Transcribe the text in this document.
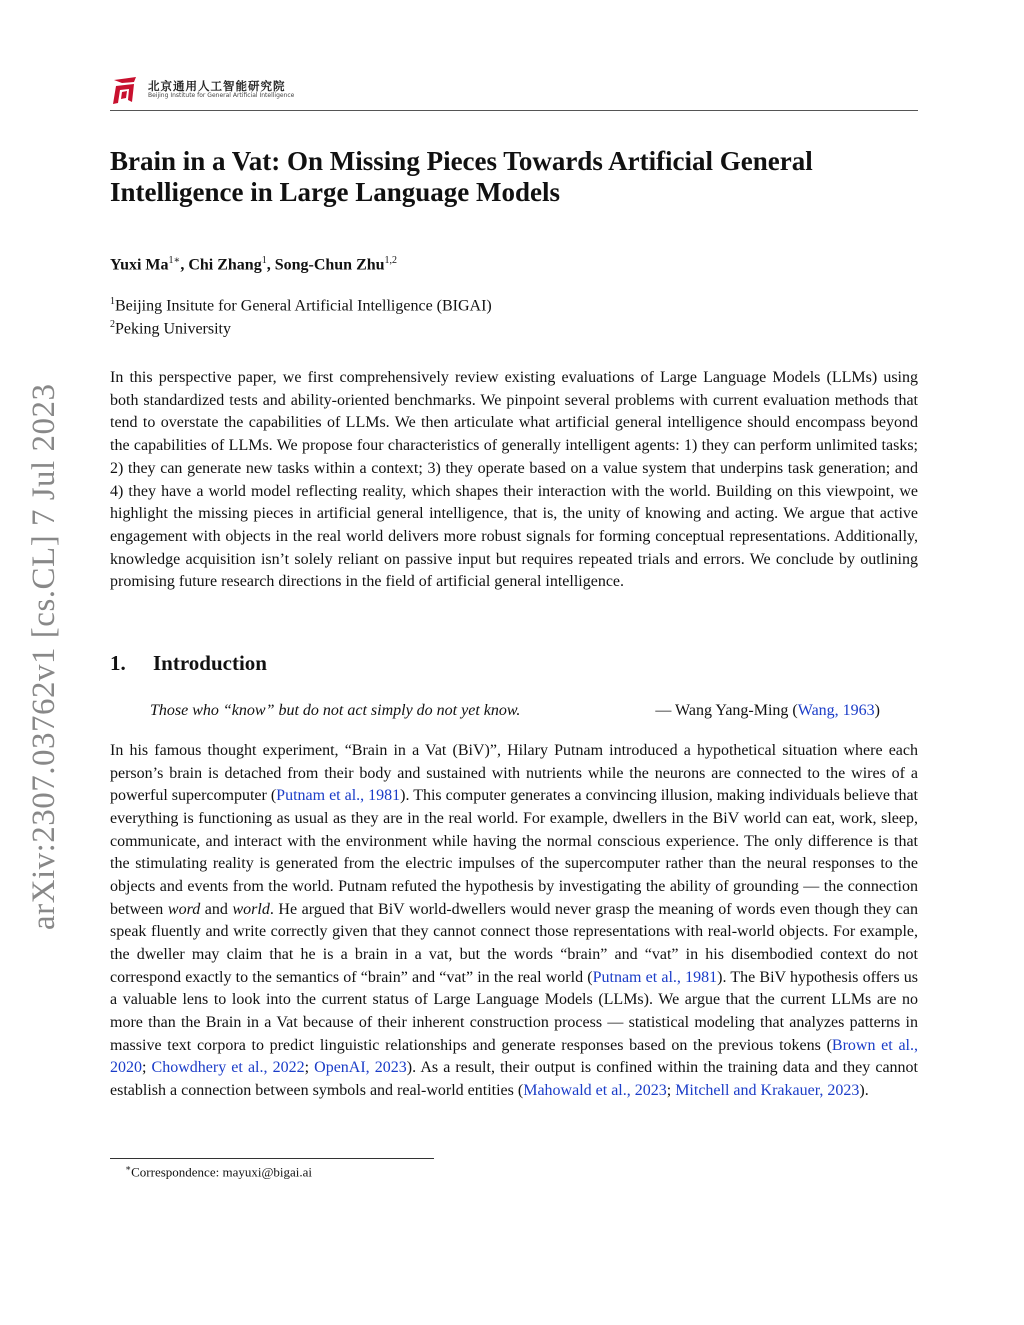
北京通用人工智能研究院
Beijing Institute for General Artificial Intelligence
arXiv:2307.03762v1 [cs.CL] 7 Jul 2023
Brain in a Vat: On Missing Pieces Towards Artificial General Intelligence in Large Language Models
Yuxi $Ma^{1∗}$, Chi Zhang$^1$, Song-Chun Zhu$^{1,2}$
$^1$Beijing Insitute for General Artificial Intelligence (BIGAI)
$^2$Peking University

In this perspective paper, we first comprehensively review existing evaluations of Large Language Models (LLMs) using both standardized tests and ability-oriented benchmarks. We pinpoint several problems with current evaluation methods that tend to overstate the capabilities of LLMs. We then articulate what artificial general intelligence should encompass beyond the capabilities of LLMs. We propose four characteristics of generally intelligent agents: 1) they can perform unlimited tasks; 2) they can generate new tasks within a context; 3) they operate based on a value system that underpins task generation; and 4) they have a world model reflecting reality, which shapes their interaction with the world. Building on this viewpoint, we highlight the missing pieces in artificial general intelligence, that is, the unity of knowing and acting. We argue that active engagement with objects in the real world delivers more robust signals for forming conceptual representations. Additionally, knowledge acquisition isn’t solely reliant on passive input but requires repeated trials and errors. We conclude by outlining promising future research directions in the field of artificial general intelligence.

1. Introduction
Those who “know” but do not act simply do not yet know.	— Wang Yang-Ming (Wang, 1963)

In his famous thought experiment, “Brain in a Vat (BiV)”, Hilary Putnam introduced a hypothetical situation where each person’s brain is detached from their body and sustained with nutrients while the neurons are connected to the wires of a powerful supercomputer (Putnam et al., 1981). This computer generates a convincing illusion, making individuals believe that everything is functioning as usual as they are in the real world. For example, dwellers in the BiV world can eat, work, sleep, communicate, and interact with the environment while having the normal conscious experience. The only difference is that the stimulating reality is generated from the electric impulses of the supercomputer rather than the neural responses to the objects and events from the world. Putnam refuted the hypothesis by investigating the ability of grounding — the connection between word and world. He argued that BiV world-dwellers would never grasp the meaning of words even though they can speak fluently and write correctly given that they cannot connect those representations with real-world objects. For example, the dweller may claim that he is a brain in a vat, but the words “brain” and “vat” in his disembodied context do not correspond exactly to the semantics of “brain” and “vat” in the real world (Putnam et al., 1981). The BiV hypothesis offers us a valuable lens to look into the current status of Large Language Models (LLMs). We argue that the current LLMs are no more than the Brain in a Vat because of their inherent construction process — statistical modeling that analyzes patterns in massive text corpora to predict linguistic relationships and generate responses based on the previous tokens (Brown et al., 2020; Chowdhery et al., 2022; OpenAI, 2023). As a result, their output is confined within the training data and they cannot establish a connection between symbols and real-world entities (Mahowald et al., 2023; Mitchell and Krakauer, 2023).

∗Correspondence: mayuxi@bigai.ai
